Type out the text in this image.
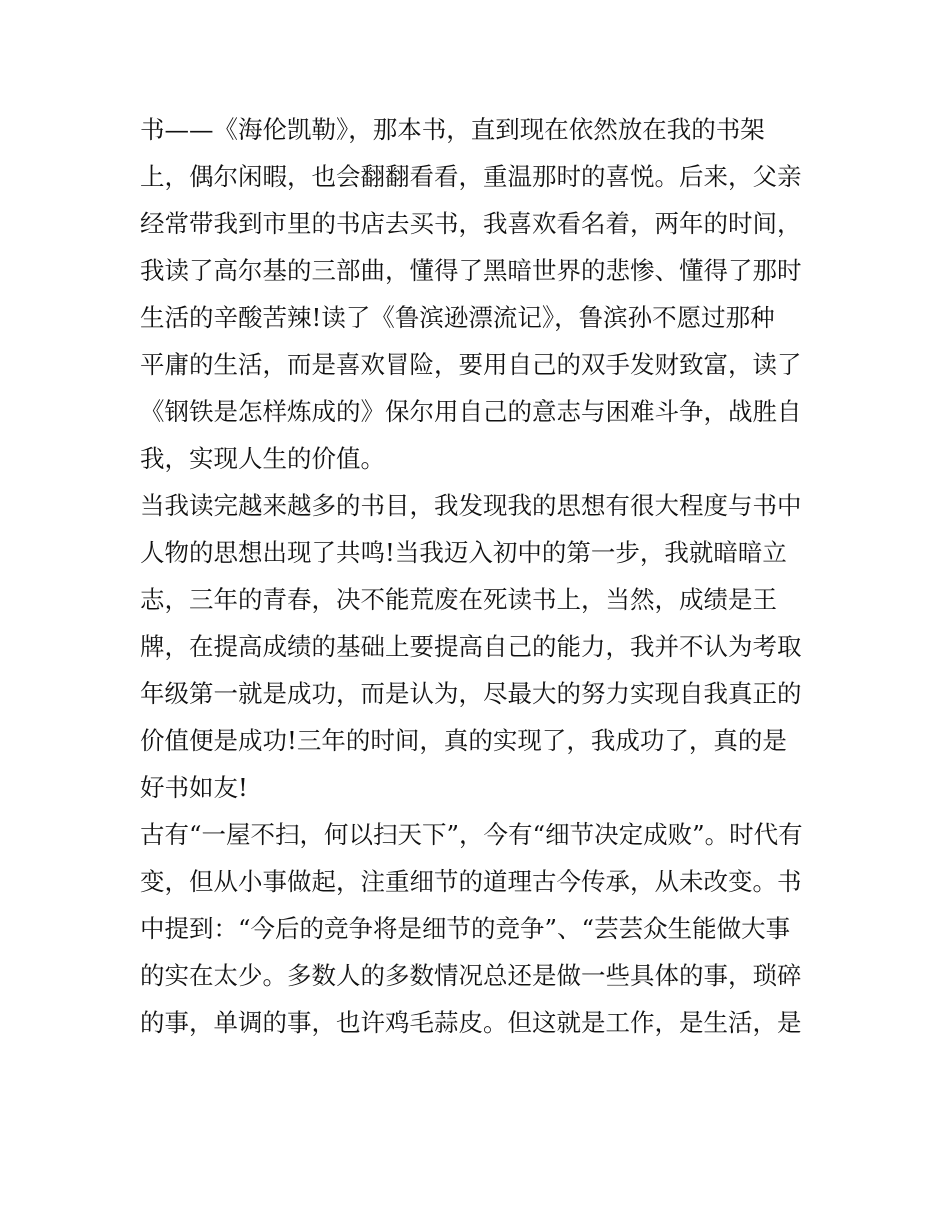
书——《海伦凯勒》，那本书，直到现在依然放在我的书架
上，偶尔闲暇，也会翻翻看看，重温那时的喜悦。后来，父亲
经常带我到市里的书店去买书，我喜欢看名着，两年的时间，
我读了高尔基的三部曲，懂得了黑暗世界的悲惨、懂得了那时
生活的辛酸苦辣!读了《鲁滨逊漂流记》，鲁滨孙不愿过那种
平庸的生活，而是喜欢冒险，要用自己的双手发财致富，读了
《钢铁是怎样炼成的》保尔用自己的意志与困难斗争，战胜自
我，实现人生的价值。
当我读完越来越多的书目，我发现我的思想有很大程度与书中
人物的思想出现了共鸣!当我迈入初中的第一步，我就暗暗立
志，三年的青春，决不能荒废在死读书上，当然，成绩是王
牌，在提高成绩的基础上要提高自己的能力，我并不认为考取
年级第一就是成功，而是认为，尽最大的努力实现自我真正的
价值便是成功!三年的时间，真的实现了，我成功了，真的是
好书如友!
古有“一屋不扫，何以扫天下”，今有“细节决定成败”。时代有
变，但从小事做起，注重细节的道理古今传承，从未改变。书
中提到：“今后的竞争将是细节的竞争”、“芸芸众生能做大事
的实在太少。多数人的多数情况总还是做一些具体的事，琐碎
的事，单调的事，也许鸡毛蒜皮。但这就是工作，是生活，是
